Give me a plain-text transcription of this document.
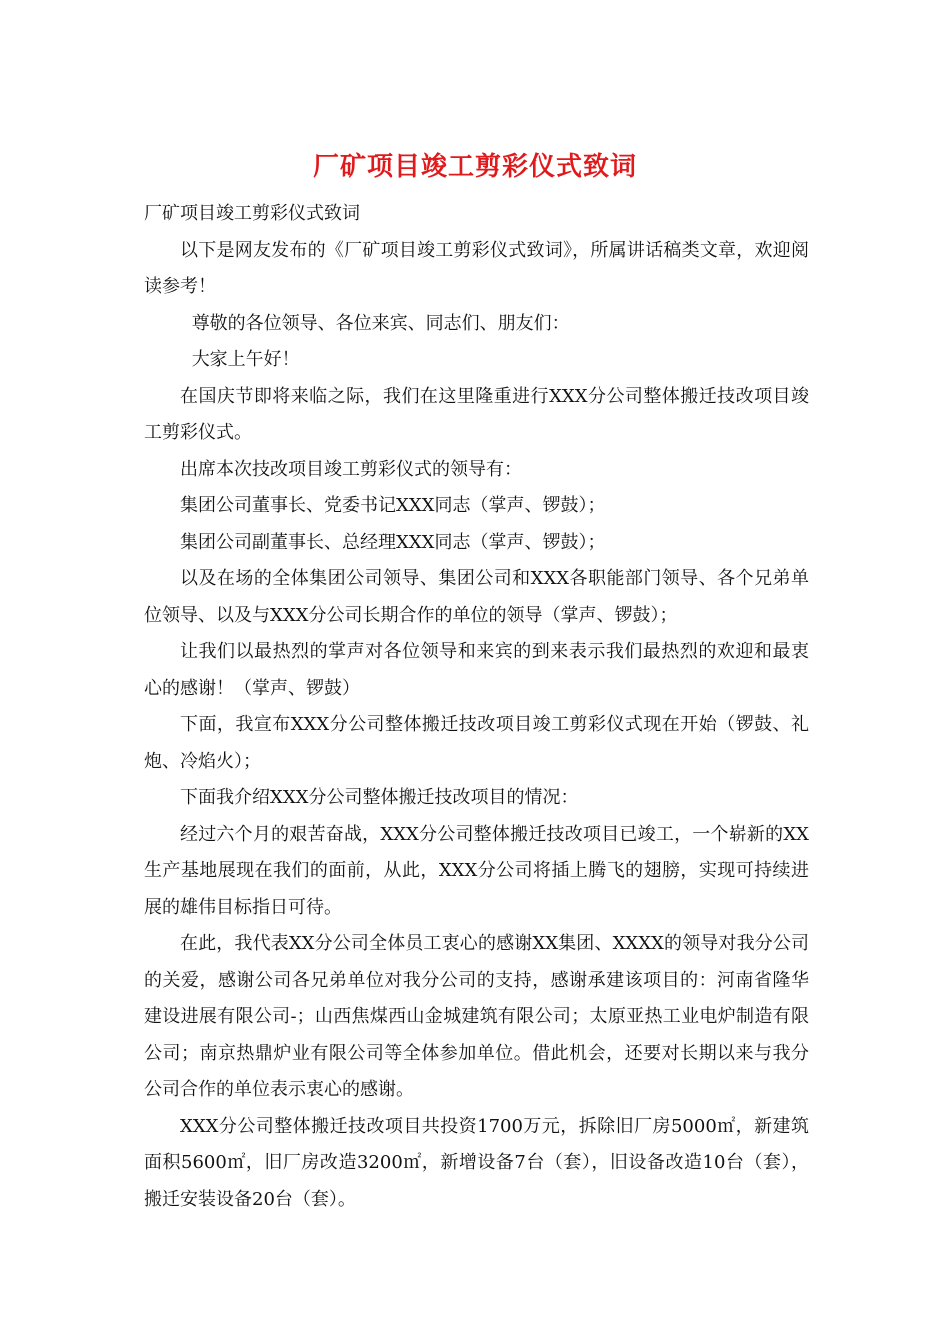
厂矿项目竣工剪彩仪式致词

厂矿项目竣工剪彩仪式致词

以下是网友发布的《厂矿项目竣工剪彩仪式致词》，所属讲话稿类文章，欢迎阅读参考！

尊敬的各位领导、各位来宾、同志们、朋友们：

大家上午好！

在国庆节即将来临之际，我们在这里隆重进行XXX分公司整体搬迁技改项目竣工剪彩仪式。

出席本次技改项目竣工剪彩仪式的领导有：

集团公司董事长、党委书记XXX同志（掌声、锣鼓）；

集团公司副董事长、总经理XXX同志（掌声、锣鼓）；

以及在场的全体集团公司领导、集团公司和XXX各职能部门领导、各个兄弟单位领导、以及与XXX分公司长期合作的单位的领导（掌声、锣鼓）；

让我们以最热烈的掌声对各位领导和来宾的到来表示我们最热烈的欢迎和最衷心的感谢！（掌声、锣鼓）

下面，我宣布XXX分公司整体搬迁技改项目竣工剪彩仪式现在开始（锣鼓、礼炮、冷焰火）；

下面我介绍XXX分公司整体搬迁技改项目的情况：

经过六个月的艰苦奋战，XXX分公司整体搬迁技改项目已竣工，一个崭新的XX生产基地展现在我们的面前，从此，XXX分公司将插上腾飞的翅膀，实现可持续进展的雄伟目标指日可待。

在此，我代表XX分公司全体员工衷心的感谢XX集团、XXXX的领导对我分公司的关爱，感谢公司各兄弟单位对我分公司的支持，感谢承建该项目的：河南省隆华建设进展有限公司-；山西焦煤西山金城建筑有限公司；太原亚热工业电炉制造有限公司；南京热鼎炉业有限公司等全体参加单位。借此机会，还要对长期以来与我分公司合作的单位表示衷心的感谢。

XXX分公司整体搬迁技改项目共投资1700万元，拆除旧厂房5000㎡，新建筑面积5600㎡，旧厂房改造3200㎡，新增设备7台（套），旧设备改造10台（套），搬迁安装设备20台（套）。
